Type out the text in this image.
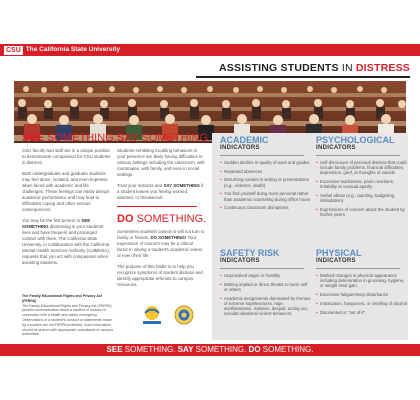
CSU The California State University
ASSISTING STUDENTS IN DISTRESS
SEE SOMETHING.

CSU faculty and staff are in a unique position to demonstrate compassion for CSU students in distress.

Both undergraduate and graduate students may feel alone, isolated, and even hopeless when faced with academic and life challenges. These feelings can easily disrupt academic performance and may lead to difficulties coping and other serious consequences.

You may be the first person to SEE SOMETHING distressing in your students' lives and have frequent and prolonged contact with them. The California State University, in collaboration with the California Mental Health Services Authority (CalMHSA), requests that you act with compassion when assisting students.

SAY SOMETHING.

Students exhibiting troubling behaviors in your presence are likely having difficulties in various settings including the classroom, with roommates, with family, and even in social settings.

Trust your instincts and SAY SOMETHING if a student leaves you feeling worried, alarmed, or threatened!

DO SOMETHING.

Sometimes students cannot or will not turn to family or friends. DO SOMETHING! Your expression of concern may be a critical factor in saving a student's academic career or even their life.

The purpose of this folder is to help you recognize symptoms of student distress and identify appropriate referrals to campus resources.

The Family Educational Rights and Privacy Act (FERPA)
The Family Educational Rights and Privacy Act (FERPA) permits communication about a student of concern in connection with a health and safety emergency. Observations of a student's conduct or statements made by a student are not FERPA protected. Such information should be shared with appropriate consultants or campus authorities.
ACADEMIC
INDICATORS
• Sudden decline in quality of work and grades
• Repeated absences
• Disturbing content in writing or presentations (e.g., violence, death)
• You find yourself doing more personal rather than academic counseling during office hours
• Continuous classroom disruptions
PSYCHOLOGICAL
INDICATORS
• Self-disclosure of personal distress that could include family problems, financial difficulties, depression, grief, or thoughts of suicide
• Excessive tearfulness, panic reactions, irritability or unusual apathy
• Verbal abuse (e.g., taunting, badgering, intimidation)
• Expressions of concern about the student by his/her peers
SAFETY RISK
INDICATORS
• Unprovoked anger or hostility
• Making implied or direct threats to harm self or others
• Academic assignments dominated by themes of extreme hopelessness, rage, worthlessness, isolation, despair, acting out, suicidal ideations/ violent behaviors
PHYSICAL
INDICATORS
• Marked changes in physical appearance including deterioration in grooming, hygiene, or weight loss/ gain
• Excessive fatigue/sleep disturbance
• Intoxication, hangovers, or smelling of alcohol
• Disoriented or "out of it"
SEE SOMETHING. SAY SOMETHING. DO SOMETHING.
